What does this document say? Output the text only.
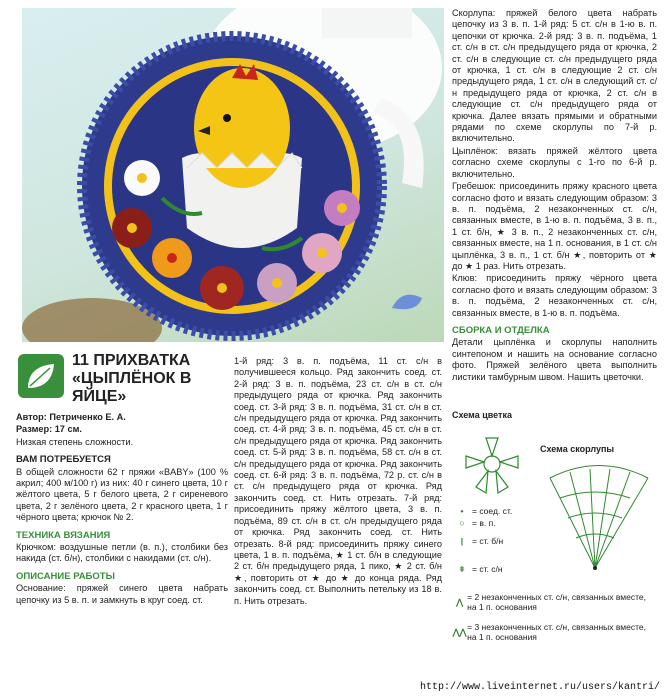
Скорлупа: пряжей белого цвета набрать цепочку из 3 в. п. 1-й ряд: 5 ст. с/н в 1-ю в. п. цепочки от крючка. 2-й ряд: 3 в. п. подъёма, 1 ст. с/н в ст. с/н предыдущего ряда от крючка, 2 ст. с/н в следующие ст. с/н предыдущего ряда от крючка, 1 ст. с/н в следующие 2 ст. с/н предыдущего ряда, 1 ст. с/н в следующий ст. с/н предыдущего ряда от крючка, 2 ст. с/н в следующие ст. с/н предыдущего ряда от крючка. Далее вязать прямыми и обратными рядами по схеме скорлупы по 7-й р. включительно.

Цыплёнок: вязать пряжей жёлтого цвета согласно схеме скорлупы с 1-го по 6-й р. включительно.

Гребешок: присоединить пряжу красного цвета согласно фото и вязать следующим образом: 3 в. п. подъёма, 2 незаконченных ст. с/н, связанных вместе, в 1-ю в. п. подъёма, 3 в. п., 1 ст. б/н, ★ 3 в. п., 2 незаконченных ст. с/н, связанных вместе, на 1 п. основания, в 1 ст. с/н цыплёнка, 3 в. п., 1 ст. б/н ★, повторить от ★ до ★ 1 раз. Нить отрезать.

Клюв: присоединить пряжу чёрного цвета согласно фото и вязать следующим образом: 3 в. п. подъёма, 2 незаконченных ст. с/н, связанных вместе, в 1-ю в. п. подъёма.

СБОРКА И ОТДЕЛКА

Детали цыплёнка и скорлупы наполнить синтепоном и нашить на основание согласно фото. Пряжей зелёного цвета выполнить листики тамбурным швом. Нашить цветочки.

Схема цветка
Схема скорлупы
•	= соед. ст.
○ = в. п.
|	= ст. б/н
ǂ = ст. с/н
⋀ = 2 незаконченных ст. с/н, связанных вместе, на 1 п. основания
⋀⋀ = 3 незаконченных ст. с/н, связанных вместе, на 1 п. основания
11 ПРИХВАТКА
«ЦЫПЛЁНОК В ЯЙЦЕ»

Автор: Петриченко Е. А.

Размер: 17 см.

Низкая степень сложности.

ВАМ ПОТРЕБУЕТСЯ

В общей сложности 62 г пряжи «BABY» (100 % акрил; 400 м/100 г) из них: 40 г синего цвета, 10 г жёлтого цвета, 5 г белого цвета, 2 г сиреневого цвета, 2 г зелёного цвета, 2 г красного цвета, 1 г чёрного цвета; крючок № 2.

ТЕХНИКА ВЯЗАНИЯ

Крючком: воздушные петли (в. п.), столбики без накида (ст. б/н), столбики с накидами (ст. с/н).

ОПИСАНИЕ РАБОТЫ

Основание: пряжей синего цвета набрать цепочку из 5 в. п. и замкнуть в круг соед. ст.

1-й ряд: 3 в. п. подъёма, 11 ст. с/н в получившееся кольцо. Ряд закончить соед. ст. 2-й ряд: 3 в. п. подъёма, 23 ст. с/н в ст. с/н предыдущего ряда от крючка. Ряд закончить соед. ст. 3-й ряд: 3 в. п. подъёма, 31 ст. с/н в ст. с/н предыдущего ряда от крючка. Ряд закончить соед. ст. 4-й ряд: 3 в. п. подъёма, 45 ст. с/н в ст. с/н предыдущего ряда от крючка. Ряд закончить соед. ст. 5-й ряд: 3 в. п. подъёма, 58 ст. с/н в ст. с/н предыдущего ряда от крючка. Ряд закончить соед. ст. 6-й ряд: 3 в. п. подъёма, 72 р. ст. с/н в ст. с/н предыдущего ряда от крючка. Ряд закончить соед. ст. Нить отрезать. 7-й ряд: присоединить пряжу жёлтого цвета, 3 в. п. подъёма, 89 ст. с/н в ст. с/н предыдущего ряда от крючка. Ряд закончить соед. ст. Нить отрезать. 8-й ряд: присоединить пряжу синего цвета, 1 в. п. подъёма, ★ 1 ст. б/н в следующие 2 ст. б/н предыдущего ряда, 1 пико, ★ 2 ст. б/н ★, повторить от ★ до ★ до конца ряда. Ряд закончить соед. ст. Выполнить петельку из 18 в. п. Нить отрезать.

http://www.liveinternet.ru/users/kantri/
